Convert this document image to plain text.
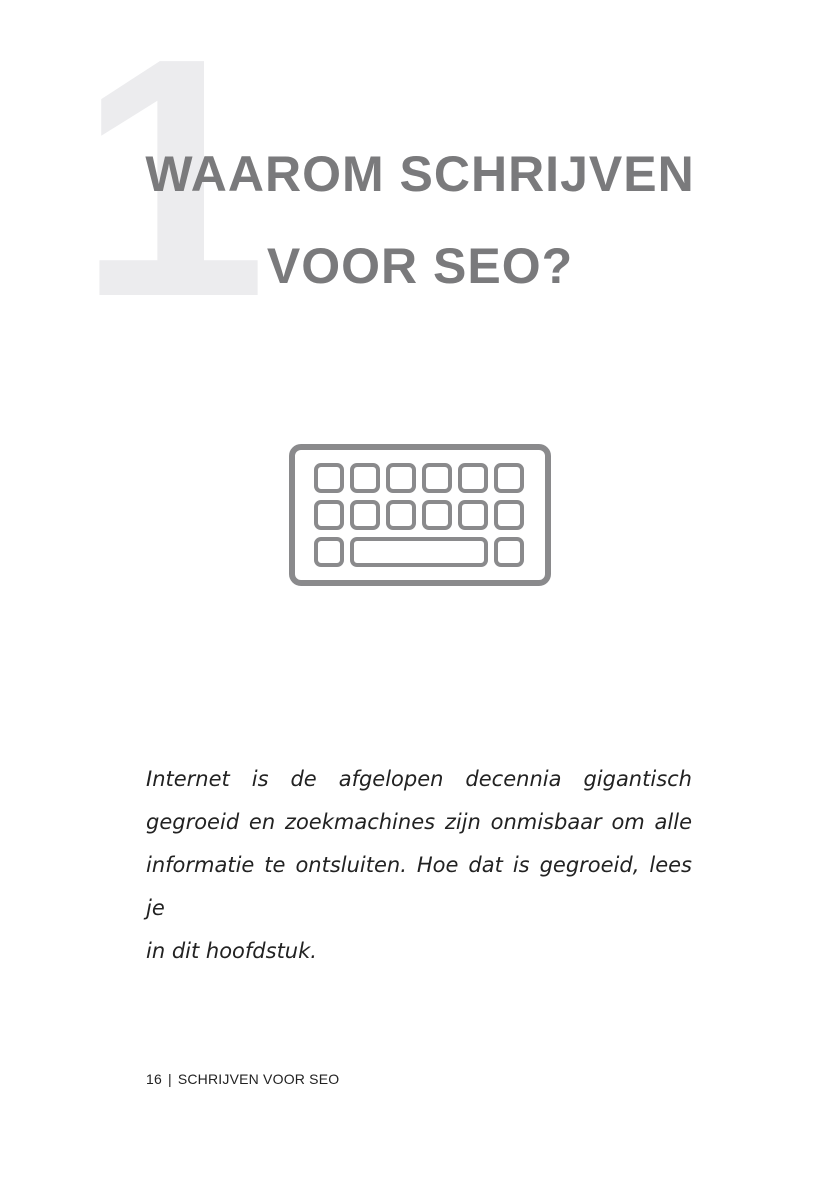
1
WAAROM SCHRIJVEN
VOOR SEO?

Internet is de afgelopen decennia gigantisch
gegroeid en zoekmachines zijn onmisbaar om alle
informatie te ontsluiten. Hoe dat is gegroeid, lees je
in dit hoofdstuk.

16 | SCHRIJVEN VOOR SEO
